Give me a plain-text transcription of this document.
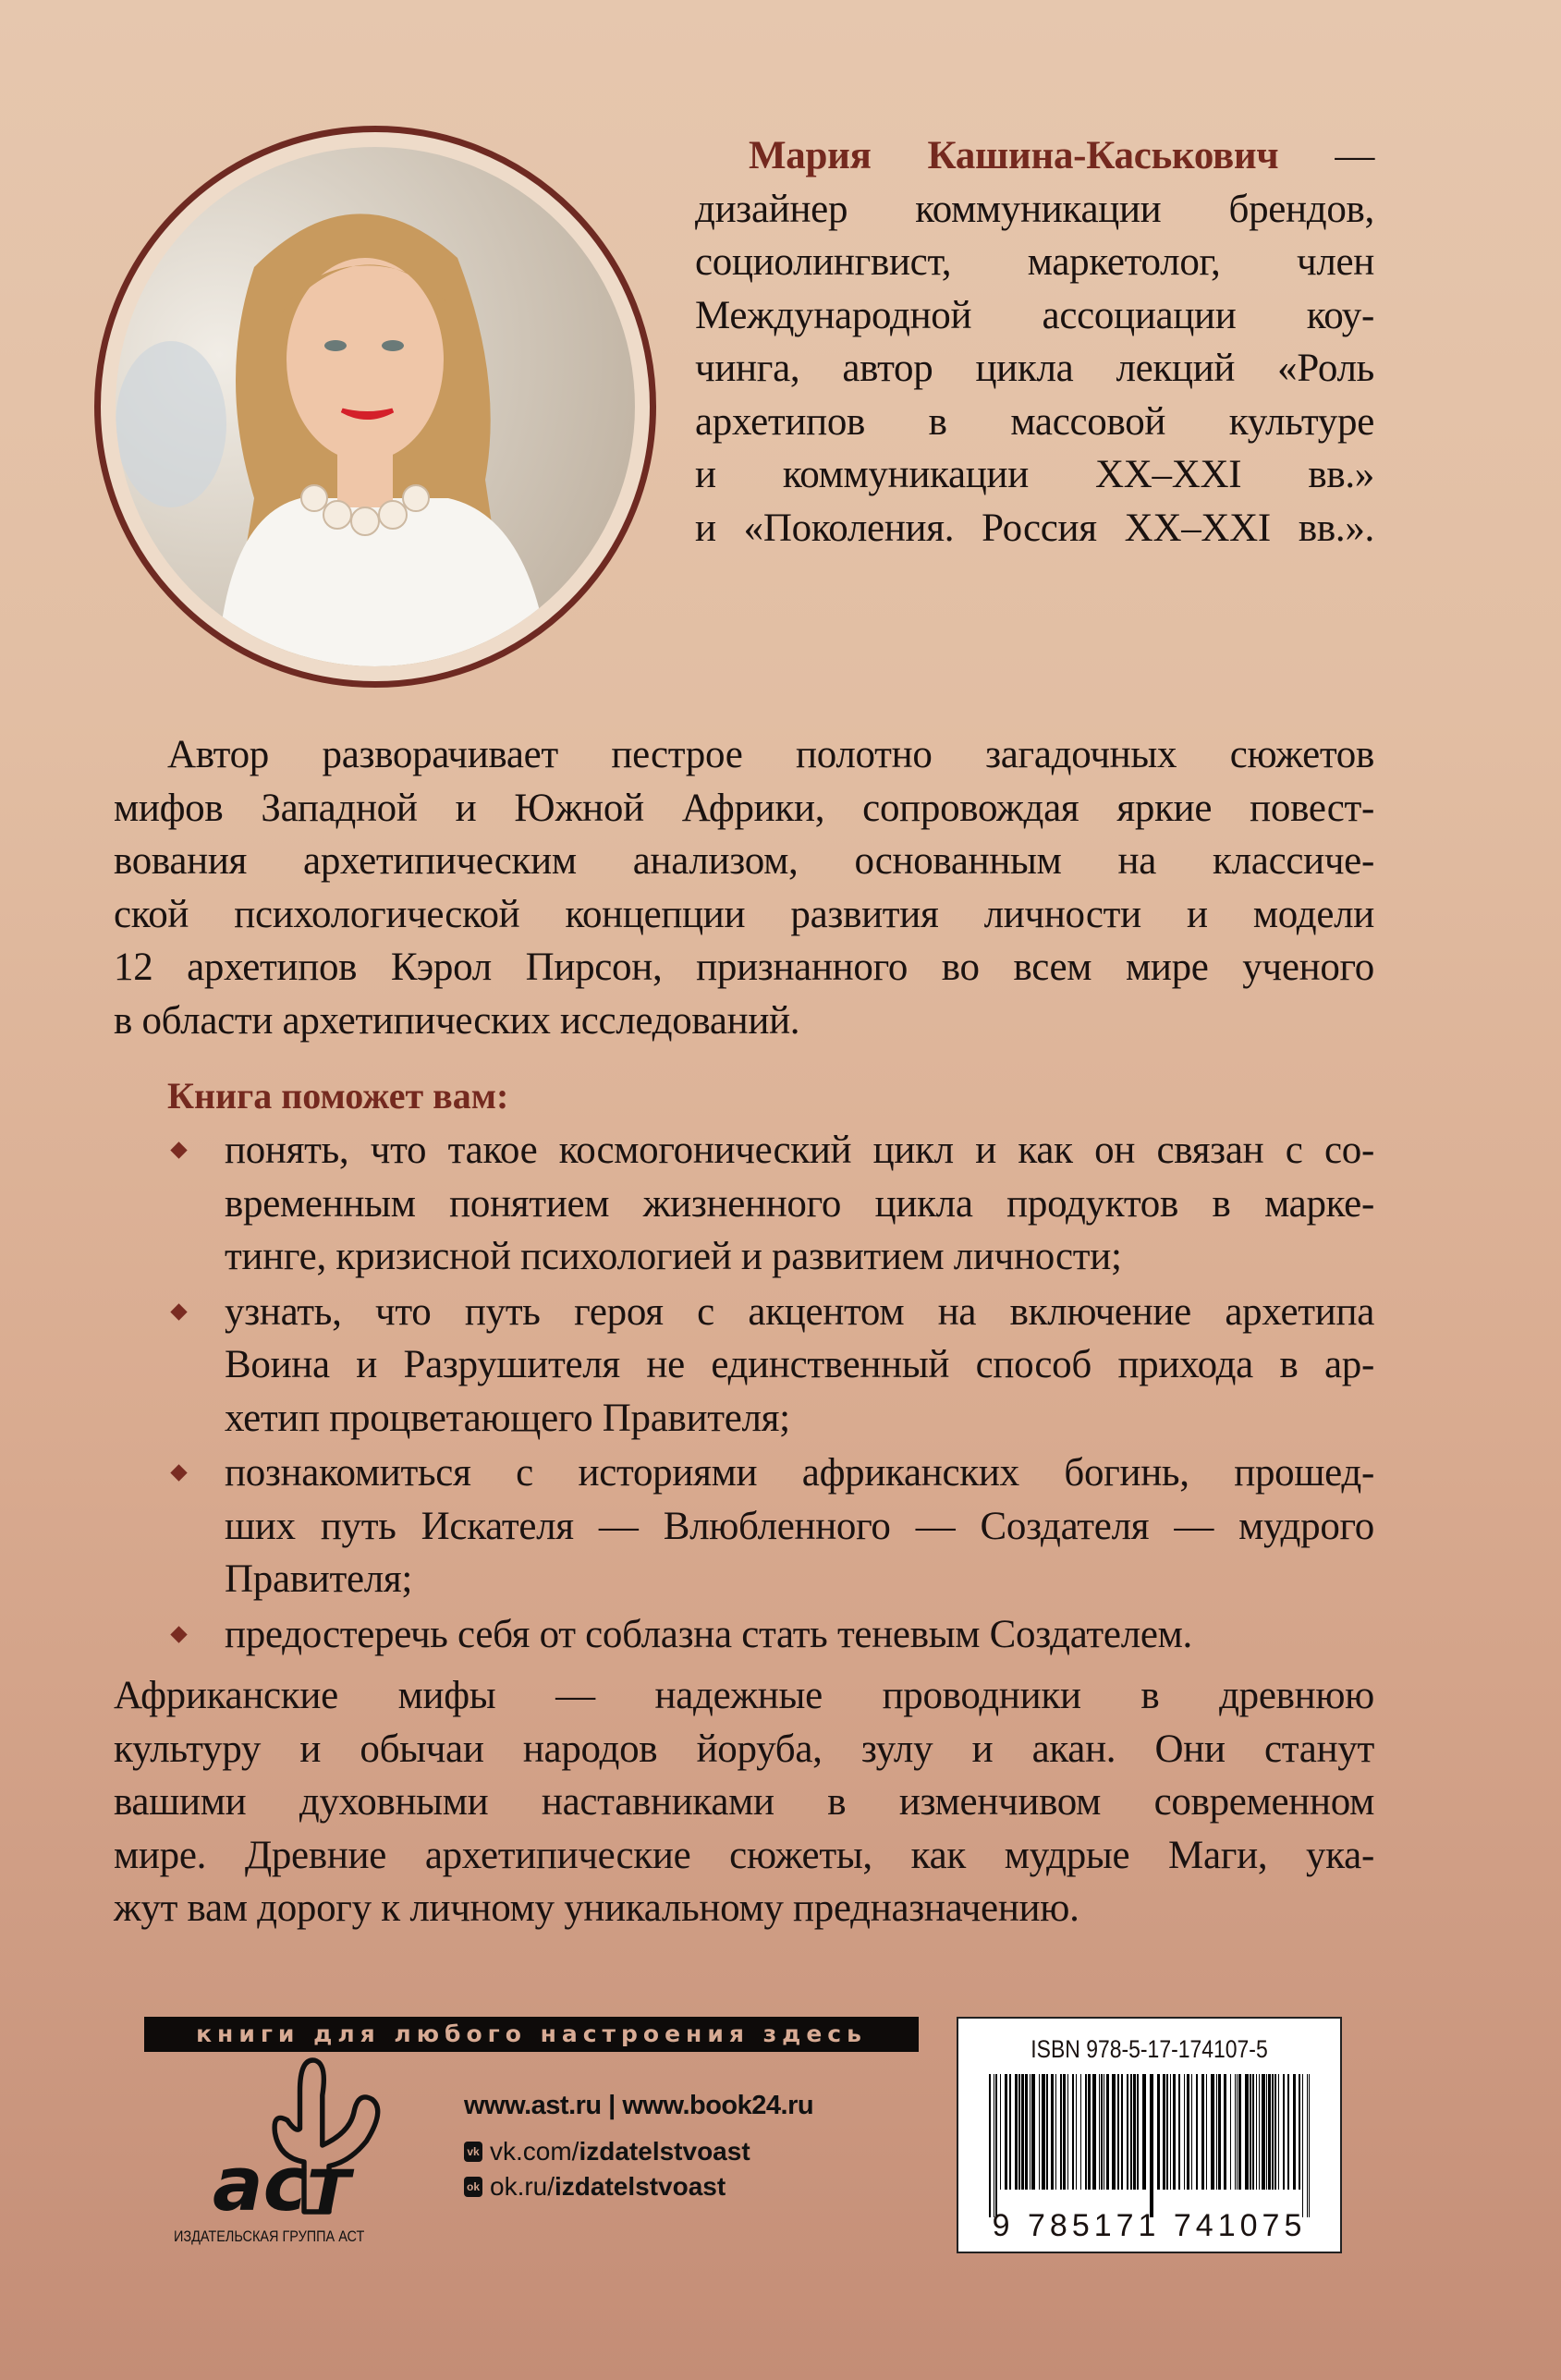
Мария Кашина-Каськович —
дизайнер коммуникации брендов,
социолингвист, маркетолог, член
Международной ассоциации коу-
чинга, автор цикла лекций «Роль
архетипов в массовой культуре
и коммуникации XX–XXI вв.»
и «Поколения. Россия XX–XXI вв.».
Автор разворачивает пестрое полотно загадочных сюжетов
мифов Западной и Южной Африки, сопровождая яркие повест-
вования архетипическим анализом, основанным на классиче-
ской психологической концепции развития личности и модели
12 архетипов Кэрол Пирсон, признанного во всем мире ученого
в области архетипических исследований.
Книга поможет вам:
понять, что такое космогонический цикл и как он связан с со-
временным понятием жизненного цикла продуктов в марке-
тинге, кризисной психологией и развитием личности;
узнать, что путь героя с акцентом на включение архетипа
Воина и Разрушителя не единственный способ прихода в ар-
хетип процветающего Правителя;
познакомиться с историями африканских богинь, прошед-
ших путь Искателя — Влюбленного — Создателя — мудрого
Правителя;
предостеречь себя от соблазна стать теневым Создателем.
Африканские мифы — надежные проводники в древнюю
культуру и обычаи народов йоруба, зулу и акан. Они станут
вашими духовными наставниками в изменчивом современном
мире. Древние архетипические сюжеты, как мудрые Маги, ука-
жут вам дорогу к личному уникальному предназначению.
книги для любого настроения здесь
аст
ИЗДАТЕЛЬСКАЯ ГРУППА АСТ
www.ast.ru | www.book24.ru
vk vk.com/izdatelstvoast
ok ok.ru/izdatelstvoast
ISBN 978-5-17-174107-5
9 785171 741075
